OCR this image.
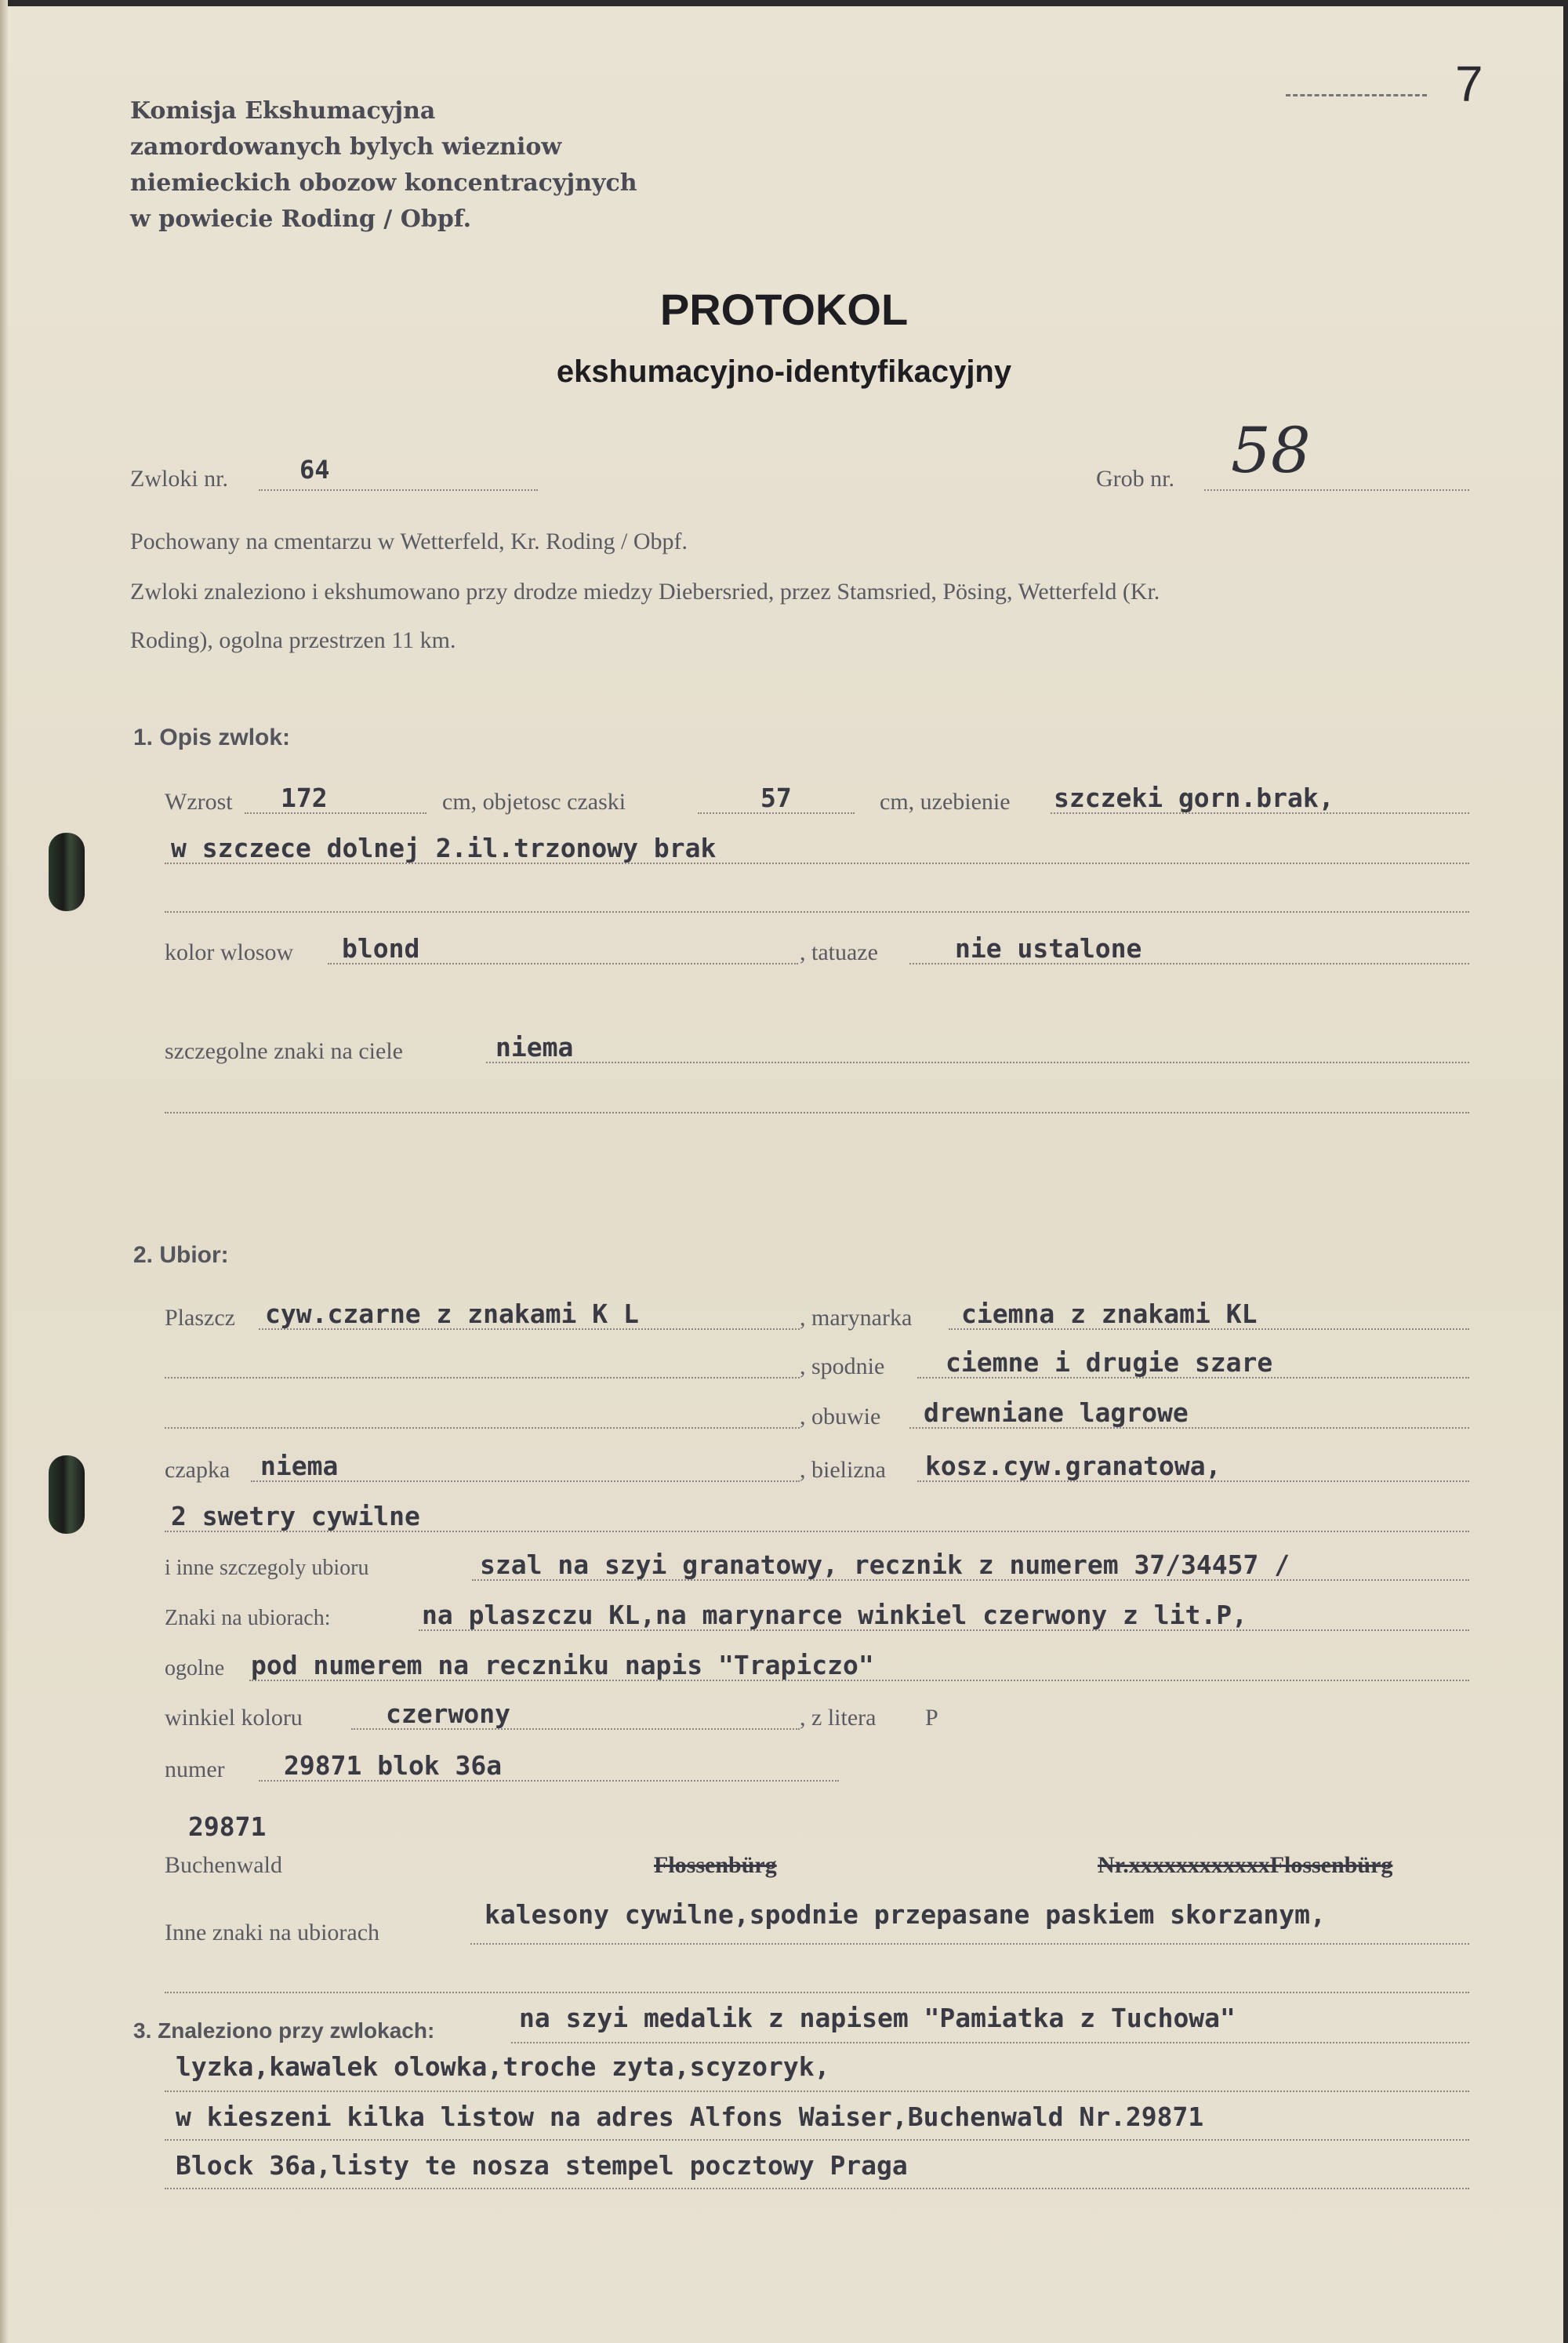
7
Komisja Ekshumacyjna
zamordowanych bylych wiezniow
niemieckich obozow koncentracyjnych
w powiecie Roding / Obpf.
PROTOKOL
ekshumacyjno-identyfikacyjny
Zwloki nr.	64	Grob nr. 58
Pochowany na cmentarzu w Wetterfeld, Kr. Roding / Obpf.
Zwloki znaleziono i ekshumowano przy drodze miedzy Diebersried, przez Stamsried, Pösing, Wetterfeld (Kr.
Roding), ogolna przestrzen 11 km.
1. Opis zwlok:
Wzrost 172	cm, objetosc czaski	57	cm, uzebienie szczeki gorn.brak,
w szczece dolnej 2.il.trzonowy brak
kolor wlosow blond	, tatuaze	nie ustalone
szczegolne znaki na ciele	niema
2. Ubior:
Plaszcz cyw.czarne z znakami K L	, marynarka ciemna z znakami KL
, spodnie ciemne i drugie szare
, obuwie drewniane lagrowe
czapka niema	, bielizna kosz.cyw.granatowa,
2 swetry cywilne
i inne szczegoly ubioru	szal na szyi granatowy, recznik z numerem 37/34457 /
Znaki na ubiorach:	na plaszczu KL,na marynarce winkiel czerwony z lit.P,
ogolne pod numerem na reczniku napis "Trapiczo"
winkiel koloru	czerwony	, z litera P
numer 29871 blok 36a
29871
Buchenwald	Flossenbürg	Nr.xxxxxxxxxxxxFlossenbürg
Inne znaki na ubiorach
kalesony cywilne,spodnie przepasane paskiem skorzanym,
3. Znaleziono przy zwlokach:	na szyi medalik z napisem "Pamiatka z Tuchowa"
lyzka,kawalek olowka,troche zyta,scyzoryk,
w kieszeni kilka listow na adres Alfons Waiser,Buchenwald Nr.29871
Block 36a,listy te nosza stempel pocztowy Praga
